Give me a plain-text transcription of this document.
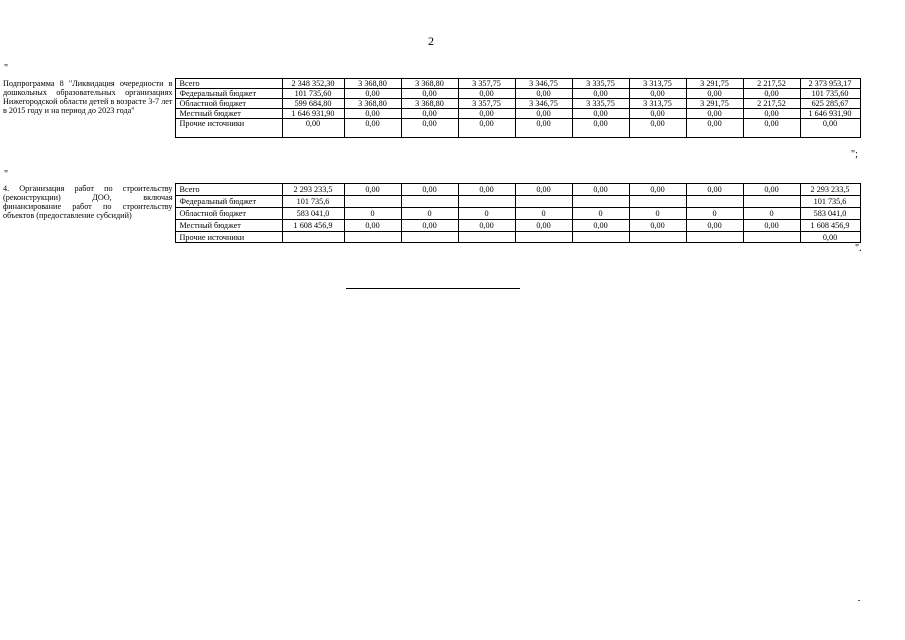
2
"
Подпрограмма 8 "Ликвидация очередности в дошкольных образовательных организациях Нижегородской области детей в возрасте 3-7 лет в 2015 году и на период до 2023 года"	Всего	2 348 352,30	3 368,80	3 368,80	3 357,75	3 346,75	3 335,75	3 313,75	3 291,75	2 217,52	2 373 953,17
	Федеральный бюджет	101 735,60	0,00	0,00	0,00	0,00	0,00	0,00	0,00	0,00	101 735,60
	Областной бюджет	599 684,80	3 368,80	3 368,80	3 357,75	3 346,75	3 335,75	3 313,75	3 291,75	2 217,52	625 285,67
	Местный бюджет	1 646 931,90	0,00	0,00	0,00	0,00	0,00	0,00	0,00	0,00	1 646 931,90
	Прочие источники	0,00	0,00	0,00	0,00	0,00	0,00	0,00	0,00	0,00	0,00

";
"
4. Организация работ по строительству (реконструкции) ДОО, включая финансирование работ по строительству объектов (предоставление субсидий)	Всего	2 293 233,5	0,00	0,00	0,00	0,00	0,00	0,00	0,00	0,00	2 293 233,5
	Федеральный бюджет	101 735,6									101 735,6
	Областной бюджет	583 041,0	0	0	0	0	0	0	0	0	583 041,0
	Местный бюджет	1 608 456,9	0,00	0,00	0,00	0,00	0,00	0,00	0,00	0,00	1 608 456,9
	Прочие источники										0,00
".
